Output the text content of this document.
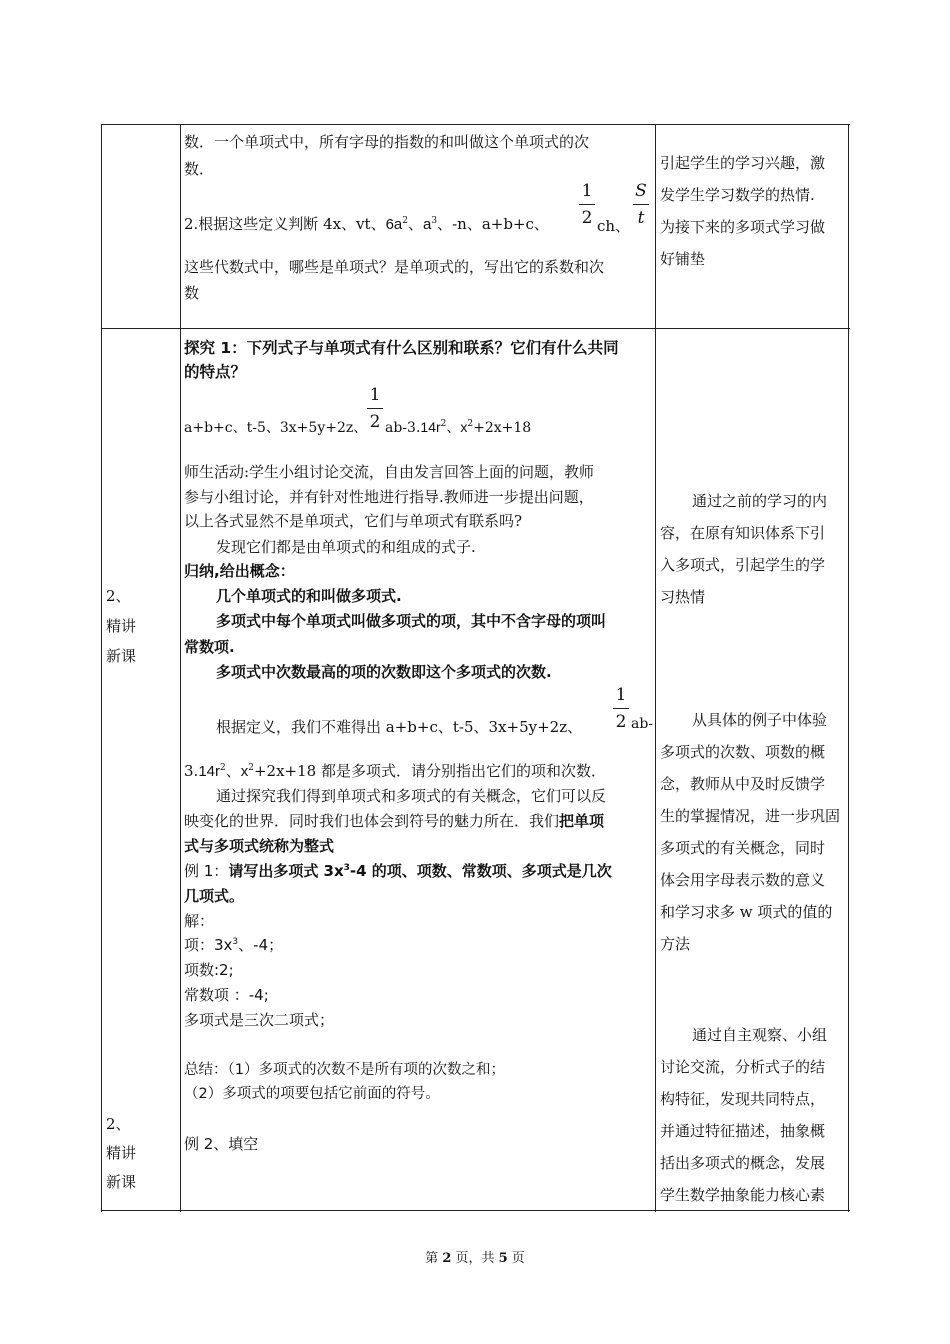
数．一个单项式中，所有字母的指数的和叫做这个单项式的次
数．
2.根据这些定义判断 4x、vt、$6a^2$、$a^3$、-n、a+b+c、
1
2 ch、
S
t
这些代数式中，哪些是单项式？是单项式的，写出它的系数和次
数
引起学生的学习兴趣，激
发学生学习数学的热情.
为接下来的多项式学习做
好铺垫
2、
精讲
新课
2、
精讲
新课
探究 1：下列式子与单项式有什么区别和联系？它们有什么共同
的特点？
a+b+c、t-5、3x+5y+2z、
1
2 $ab-3.14r^2$、$x^2+2x+18$
师生活动:学生小组讨论交流，自由发言回答上面的问题，教师
参与小组讨论，并有针对性地进行指导.教师进一步提出问题，
以上各式显然不是单项式，它们与单项式有联系吗?
发现它们都是由单项式的和组成的式子.
归纳,给出概念：
几个单项式的和叫做多项式.
多项式中每个单项式叫做多项式的项，其中不含字母的项叫
常数项.
多项式中次数最高的项的次数即这个多项式的次数.
根据定义，我们不难得出 a+b+c、t-5、3x+5y+2z、
1
2 ab-
$3.14r^2$、$x^2+2x+18$ 都是多项式．请分别指出它们的项和次数．
通过探究我们得到单项式和多项式的有关概念，它们可以反
映变化的世界．同时我们也体会到符号的魅力所在．我们把单项
式与多项式统称为整式
例 1：请写出多项式 $3x^3-4$ 的项、项数、常数项、多项式是几次
几项式。
解：
项：$3x^3$、-4；
项数:2;
常数项 ：-4;
多项式是三次二项式；
总结：（1）多项式的次数不是所有项的次数之和；
（2）多项式的项要包括它前面的符号。
例 2、填空
通过之前的学习的内
容，在原有知识体系下引
入多项式，引起学生的学
习热情
从具体的例子中体验
多项式的次数、项数的概
念，教师从中及时反馈学
生的掌握情况，进一步巩固
多项式的有关概念，同时
体会用字母表示数的意义
和学习求多 w 项式的值的
方法
通过自主观察、小组
讨论交流，分析式子的结
构特征，发现共同特点，
并通过特征描述，抽象概
括出多项式的概念，发展
学生数学抽象能力核心素
第 2 页，共 5 页
